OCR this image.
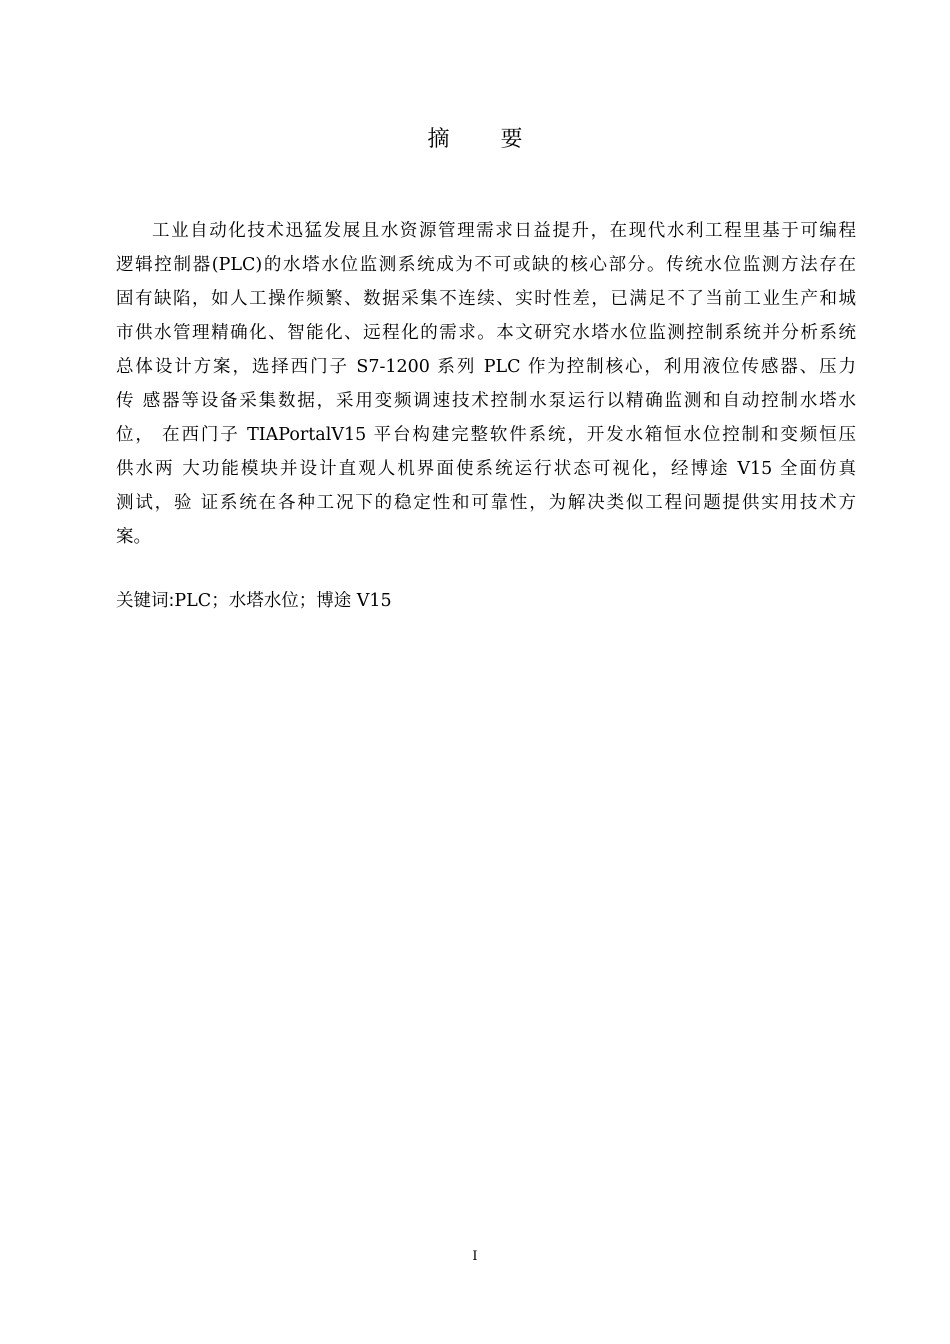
摘 要
工业自动化技术迅猛发展且水资源管理需求日益提升，在现代水利工程里基于可编程
逻辑控制器(PLC)的水塔水位监测系统成为不可或缺的核心部分。传统水位监测方法存在
固有缺陷，如人工操作频繁、数据采集不连续、实时性差，已满足不了当前工业生产和城
市供水管理精确化、智能化、远程化的需求。本文研究水塔水位监测控制系统并分析系统
总体设计方案，选择西门子 S7-1200 系列 PLC 作为控制核心，利用液位传感器、压力
传 感器等设备采集数据，采用变频调速技术控制水泵运行以精确监测和自动控制水塔水
位， 在西门子 TIAPortalV15 平台构建完整软件系统，开发水箱恒水位控制和变频恒压
供水两 大功能模块并设计直观人机界面使系统运行状态可视化，经博途 V15 全面仿真
测试，验 证系统在各种工况下的稳定性和可靠性，为解决类似工程问题提供实用技术方
案。
关键词:PLC；水塔水位；博途 V15
I
